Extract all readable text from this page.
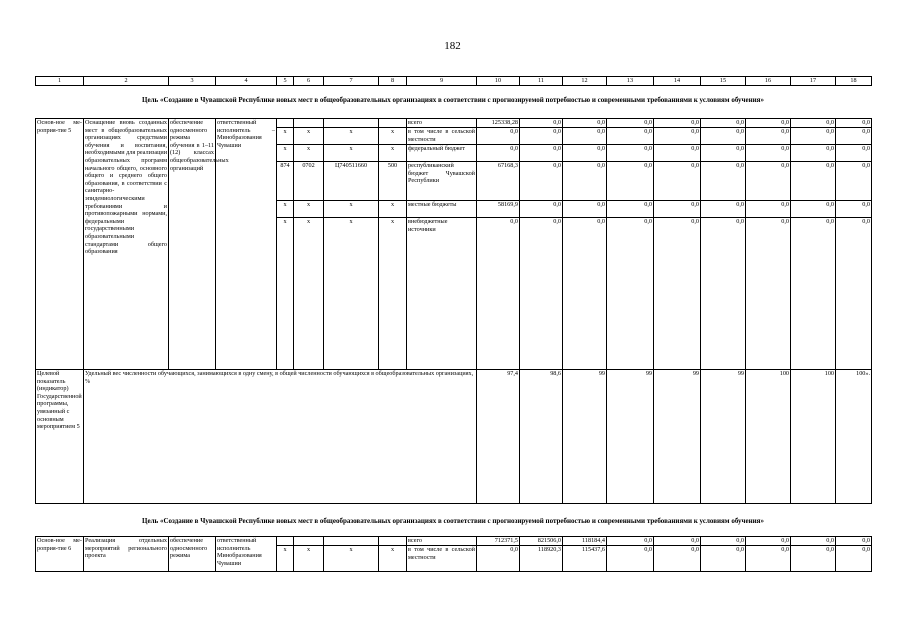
182
1	2	3	4	5	6	7	8	9	10	11	12	13	14	15	16	17	18
Цель «Создание в Чувашской Республике новых мест в общеобразовательных организациях в соответствии с прогнозируемой потребностью и современными требованиями к условиям обучения»
Основ-ное ме-роприя-тие 5	Оснащение вновь созданных мест в общеобразовательных организациях средствами обучения и воспитания, необходимыми для реализации образовательных программ начального общего, основного общего и среднего общего образования, в соответствии с санитарно-эпидемиологическими требованиями и противопожарными нормами, федеральными государственными образовательными стандартами общего образования	обеспечение односменного режима обучения в 1–11 (12) классах общеобразовательных организаций	ответственный исполнитель – Минобразования Чувашии					всего	125338,28	0,0	0,0	0,0	0,0	0,0	0,0	0,0	0,0
				x	x	x	x	в том числе в сельской местности	0,0	0,0	0,0	0,0	0,0	0,0	0,0	0,0	0,0
				x	x	x	x	федеральный бюджет	0,0	0,0	0,0	0,0	0,0	0,0	0,0	0,0	0,0
				874	0702	Ц740511660	500	республиканский бюджет Чувашской Республики	67168,3	0,0	0,0	0,0	0,0	0,0	0,0	0,0	0,0
				x	x	x	x	местные бюджеты	58169,9	0,0	0,0	0,0	0,0	0,0	0,0	0,0	0,0
				x	x	x	x	внебюджетные источники	0,0	0,0	0,0	0,0	0,0	0,0	0,0	0,0	0,0
Целевой показатель (индикатор) Государственной программы, увязанный с основным мероприятием 5	Удельный вес численности обучающихся, занимающихся в одну смену, в общей численности обучающихся в общеобразовательных организациях, %	97,4	98,6	99	99	99	99	100	100	100».
Цель «Создание в Чувашской Республике новых мест в общеобразовательных организациях в соответствии с прогнозируемой потребностью и современными требованиями к условиям обучения»
Основ-ное ме-роприя-тие 6	Реализация отдельных мероприятий регионального проекта	обеспечение односменного режима	ответственный исполнитель Минобразования Чувашии					всего	712371,5	821506,0	118184,4	0,0	0,0	0,0	0,0	0,0	0,0
				x	x	x	x	в том числе в сельской местности	0,0	118920,3	115437,6	0,0	0,0	0,0	0,0	0,0	0,0
